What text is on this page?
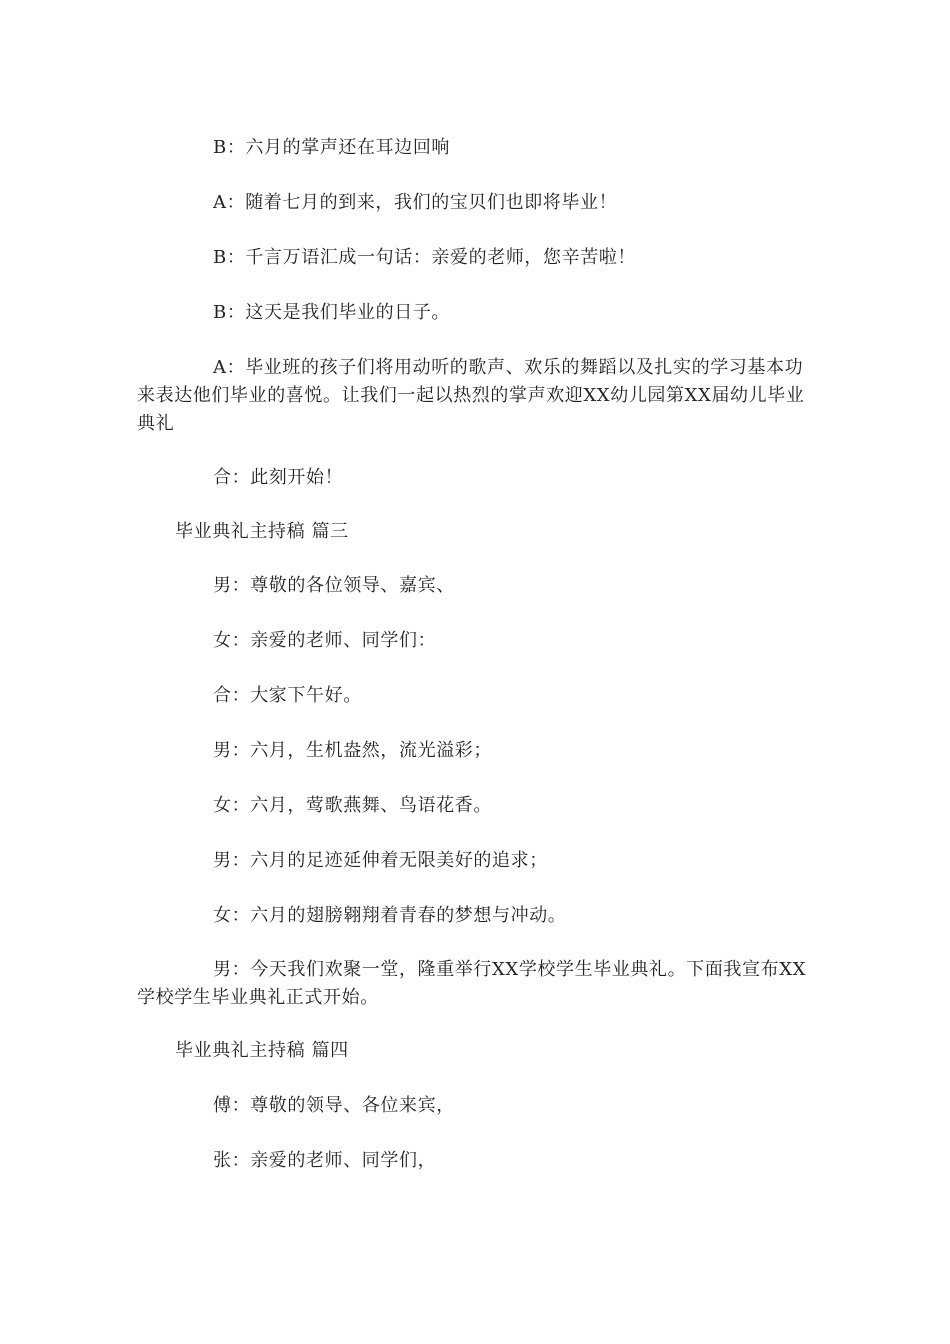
B：六月的掌声还在耳边回响

A：随着七月的到来，我们的宝贝们也即将毕业！

B：千言万语汇成一句话：亲爱的老师，您辛苦啦！

B：这天是我们毕业的日子。

A：毕业班的孩子们将用动听的歌声、欢乐的舞蹈以及扎实的学习基本功来表达他们毕业的喜悦。让我们一起以热烈的掌声欢迎XX幼儿园第XX届幼儿毕业典礼

合：此刻开始！

毕业典礼主持稿 篇三

男：尊敬的各位领导、嘉宾、

女：亲爱的老师、同学们：

合：大家下午好。

男：六月，生机盎然，流光溢彩；

女：六月，莺歌燕舞、鸟语花香。

男：六月的足迹延伸着无限美好的追求；

女：六月的翅膀翱翔着青春的梦想与冲动。

男：今天我们欢聚一堂，隆重举行XX学校学生毕业典礼。下面我宣布XX学校学生毕业典礼正式开始。

毕业典礼主持稿 篇四

傅：尊敬的领导、各位来宾，

张：亲爱的老师、同学们，
